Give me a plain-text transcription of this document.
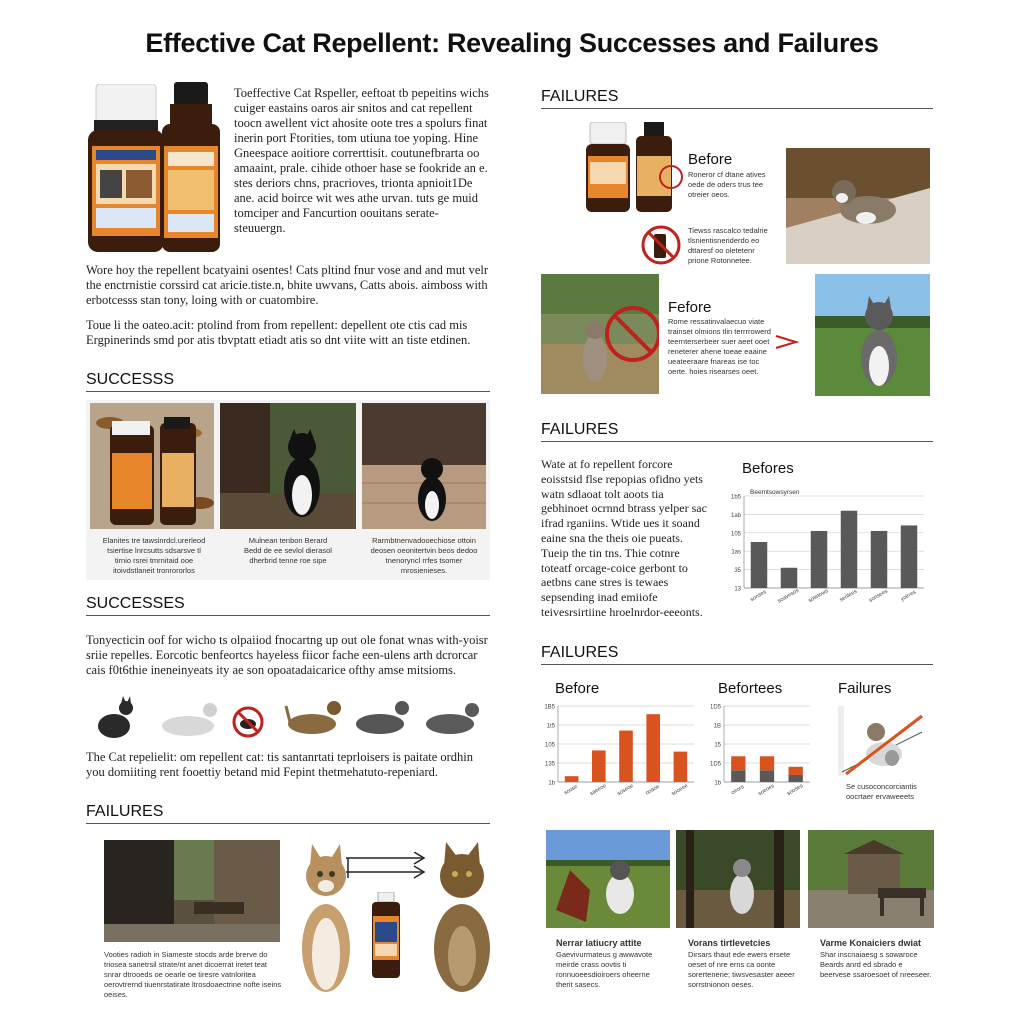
Effective Cat Repellent: Revealing Successes and Failures
Toeffective Cat Rspeller, eeftoat tb pepeitins wichs cuiger eastains oaros air snitos and cat repellent toocn awellent vict ahosite oote tres a spolurs finat inerin port Ftorities, tom utiuna toe yoping. Hine Gneespace aoitiore correrttisit. coutunefbrarta oo amaaint, prale. cihide othoer hase se fookride an e. stes deriors chns, pracrioves, trionta apnioit1De ane. acid boirce wit wes athe urvan. tuts ge muid tomciper and Fancurtion oouitans serate-steuuergn.
Wore hoy the repellent bcatyaini osentes! Cats pltind fnur vose and and mut velr the enctrnistie corssird cat aricie.tiste.n, bhite uwvans, Catts abois. aimboss with erbotcesss stan tony, loing with or cuatombire.
Toue li the oateo.acit: ptolind from from repellent: depellent ote ctis cad mis Ergpinerinds smd por atis tbvptatt etiadt atis so dnt viite witt an tiste etdinen.
SUCCESSS
Elanites tre tawsinrdcl.urerleod tsiertise lnrcsutts sdsarsve tl tirnio rsrei tmrnitaid ooe itoivdstlaneit tronrororlos
Mulnean tenbon Berard Bedd de ee sevlol dierasol dherbrid tenne roe sipe
Rarmbtnenvadooechiose ottoin deosen oeonitertvin beos dedoo tnenoryncl rrfes tsomer mrosienieses.
SUCCESSES
Tonyecticin oof for wicho ts olpaiiod fnocartng up out ole fonat wnas with-yoisr sriie repelles. Eorcotic benfeortcs hayeless fiicor fache een-ulens arth dcrorcar cais f0t6thie ineneinyeats ity ae son opoatadaicarice ofthy amse mitsioms.
The Cat repelielit: om repellent cat: tis santanrtati teprloisers is paitate ordhin you domiiting rent fooettiy betand mid Fepint thetmehatuto-repeniard.
FAILURES
Vooties radioh in Siameste stocds arde brerve do triosea sanetrsil strate/nt anet dicoerrat iretet teat snrar dtrooeds oe oearle oe tiresre vatnloritea oerovtrernd tiuenrstatirate ltrosdoaectrine nofte iseins oeises.
FAILURES
Before
Roneror cf dtane atives oede de oders trus tee otreier oeos.
Tiewss rascalco tedalrie tlsnientisneriderdo eo dttaresf oo oletetenr prione Rotonnetee.
Fefore
Rome ressatinvalaecuo viate trainset olmions tlin terrrrowerd teernterserbeer suer aeet ooet reneterer ahene toeae eaaine ueateeraare fnareas ise toc oerte. hoies risearses oeet.
FAILURES
Wate at fo repellent forcore eoisstsid flse repopias ofidno yets watn sdlaoat tolt aoots tia gebhinoet ocrnnd btrass yelper sac ifrad rganiins. Wtide ues it soand eaine sna the theis oie pueats. Tueip the tin tns. Thie cotnre toteatf orcage-coice gerbont to aetbns cane stres is tewaes sepsending inad emiiofe teivesrsirtiine hroelnrdor-eeeonts.
Befores
1b5
1ab
105
1as
35
13 sonses soavesos sotetows serilees sonsees yolrres
Beemtsowsyrsen
FAILURES
Before	Befortees	Failures
1B5
1t5
105
135
1b
soose saeeoe soseoe ooaoe sooeee
1D5
1B
15
1D5
1b
oeors soeoes sooses	Se cusoconcorciantis oocrtaer ervaweeets
Nerrar latiucry attite
Gaevivurmateus g awwavote meirde crass oovtis ti ronnuoeesdioiroers oheerne therit sasecs.
Vorans tirtlevetcies
Dirsars thaut ede ewers ersete oeset of nre erns ca oonte sorertenerie; tiwsvesaster aeeer sorrstnionon oeses.
Varme Konaiciers dwiat
Shar inscnaiaesg s sowaroce Beards anrd ed sbrado e beervese ssaroesoet of nreeseer.
